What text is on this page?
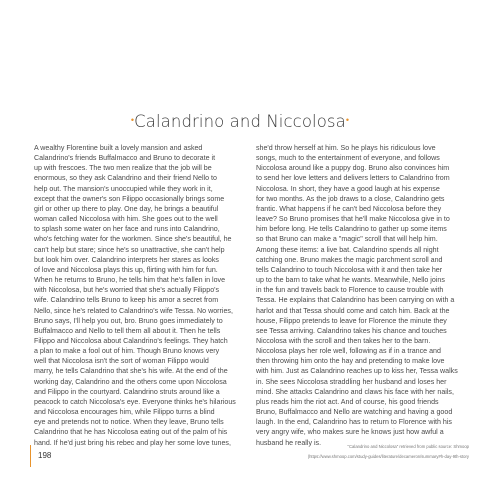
•Calandrino and Niccolosa•

A wealthy Florentine built a lovely mansion and asked

Calandrino's friends Buffalmacco and Bruno to decorate it

up with frescoes. The two men realize that the job will be

enormous, so they ask Calandrino and their friend Nello to

help out. The mansion's unoccupied while they work in it,

except that the owner's son Filippo occasionally brings some

girl or other up there to play. One day, he brings a beautiful

woman called Niccolosa with him. She goes out to the well

to splash some water on her face and runs into Calandrino,

who's fetching water for the workmen. Since she's beautiful, he

can't help but stare; since he's so unattractive, she can't help

but look him over. Calandrino interprets her stares as looks

of love and Niccolosa plays this up, flirting with him for fun.

When he returns to Bruno, he tells him that he's fallen in love

with Niccolosa, but he's worried that she's actually Filippo's

wife. Calandrino tells Bruno to keep his amor a secret from

Nello, since he's related to Calandrino's wife Tessa. No worries,

Bruno says, I'll help you out, bro. Bruno goes immediately to

Buffalmacco and Nello to tell them all about it. Then he tells

Filippo and Niccolosa about Calandrino's feelings. They hatch

a plan to make a fool out of him. Though Bruno knows very

well that Niccolosa isn't the sort of woman Filippo would

marry, he tells Calandrino that she's his wife. At the end of the

working day, Calandrino and the others come upon Niccolosa

and Filippo in the courtyard. Calandrino struts around like a

peacock to catch Niccolosa's eye. Everyone thinks he's hilarious

and Niccolosa encourages him, while Filippo turns a blind

eye and pretends not to notice. When they leave, Bruno tells

Calandrino that he has Niccolosa eating out of the palm of his

hand. If he'd just bring his rebec and play her some love tunes,

she'd throw herself at him. So he plays his ridiculous love

songs, much to the entertainment of everyone, and follows

Niccolosa around like a puppy dog. Bruno also convinces him

to send her love letters and delivers letters to Calandrino from

Niccolosa. In short, they have a good laugh at his expense

for two months. As the job draws to a close, Calandrino gets

frantic. What happens if he can't bed Niccolosa before they

leave? So Bruno promises that he'll make Niccolosa give in to

him before long. He tells Calandrino to gather up some items

so that Bruno can make a "magic" scroll that will help him.

Among these items: a live bat. Calandrino spends all night

catching one. Bruno makes the magic parchment scroll and

tells Calandrino to touch Niccolosa with it and then take her

up to the barn to take what he wants. Meanwhile, Nello joins

in the fun and travels back to Florence to cause trouble with

Tessa. He explains that Calandrino has been carrying on with a

harlot and that Tessa should come and catch him. Back at the

house, Filippo pretends to leave for Florence the minute they

see Tessa arriving. Calandrino takes his chance and touches

Niccolosa with the scroll and then takes her to the barn.

Niccolosa plays her role well, following as if in a trance and

then throwing him onto the hay and pretending to make love

with him. Just as Calandrino reaches up to kiss her, Tessa walks

in. She sees Niccolosa straddling her husband and loses her

mind. She attacks Calandrino and claws his face with her nails,

plus reads him the riot act. And of course, his good friends

Bruno, Buffalmacco and Nello are watching and having a good

laugh. In the end, Calandrino has to return to Florence with his

very angry wife, who makes sure he knows just how awful a

husband he really is.

"Calandrino and Niccolosa" retrieved from public source: Shmoop

(https://www.shmoop.com/study-guides/literature/decameron/summary#h-day-9th-story

198
